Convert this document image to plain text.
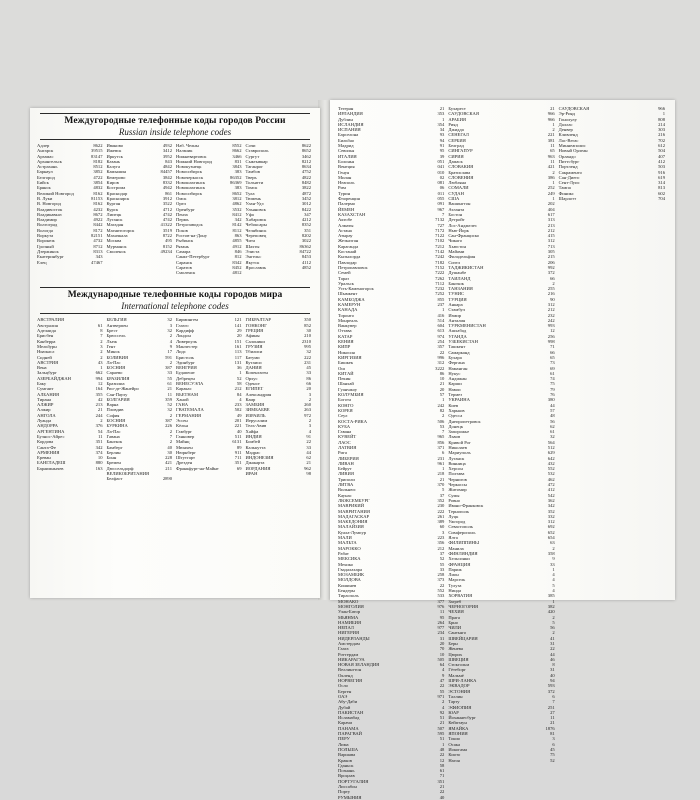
Междугородные телефонные коды городов России
Russian inside telephone codes
Адлер	8622
Ангарск	39515
Арзамас	83147
Архангельск	8182
Астрахань	8512
Барнаул	3852
Белгород	4722
Бийск	3854
Брянск	4832
Великий Новгород	8162
В. Луки	81153
В. Новгород	8162
Владивосток	4232
Владикавказ	8672
Владимир	4922
Волгоград	8442
Вологда	8172
Воркута	82151
Воронеж	4732
Грозный	8712
Дзержинск	8313
Екатеринбург	343
Елец	47467
Иваново	4932
Ижевск	3412
Иркутск	3952
Казань	843
Калуга	4842
Камышин	84457
Кемерово	3842
Киров	8332
Кострома	4942
Краснодар	861
Красноярск	3912
Курган	3522
Курск	4712
Липецк	4742
Луганск	4742
Магадан	41322
Магнитогорск	3519
Махачкала	8722
Москва	495
Мурманск	8152
Смоленск	49234
Наб. Челны	8552
Нальчик	8662
Нижневартовск	3466
Нижний Новгород	831
Новокузнецк	3843
Новосибирск	383
Новочеркасск	86352
Новошахтинск	86369
Новошахтинск	383
Новосибирск	8652
Омск	3812
Орел	4862
Оренбург	3532
Пенза	8412
Пермь	342
Петрозаводск	8142
Псков	8112
Ростов-на-Дону	863
Рыбинск	4855
Рязань	4912
Самара	846
Санкт-Петербург	812
Саранск	8342
Саратов	8452
Смоленск	4812
Сочи	8622
Ставрополь	8652
Сургут	3462
Сыктывкар	8212
Таганрог	8634
Тамбов	4752
Тверь	4822
Тольятти	8482
Томск	3822
Тула	4872
Тюмень	3452
Улан-Удэ	3012
Ульяновск	8422
Уфа	347
Хабаровск	4212
Чебоксары	8352
Челябинск	351
Череповец	8202
Чита	3022
Шахты	86362
Элиста	84722
Энгельс	8453
Якутск	4112
Ярославль	4852
Международные телефонные коды городов мира
International telephone codes
АВСТРАЛИЯ	
Австралия	61
Аделаида	8
Брисбен	7
Канберра	2
Мельбурн	3
Ньюкасл	2
Сидней	2
АВСТРИЯ	43
Вена	1
Зальцбург	662
АЗЕРБАЙДЖАН	994
Баку	12
Сумгаит	164
АЛБАНИЯ	355
Тирана	42
АЛЖИР	213
Алжир	21
АНГОЛА	244
Луанда	2
АНДОРРА	376
АРГЕНТИНА	54
Буэнос-Айрес	11
Кордова	351
Санта-Фе	342
АРМЕНИЯ	374
Ереван	10
БАНГЛАДЕШ	880
Бараимнычев	163
БЕЛЬГИЯ	32
Антверпен	3
Брест	32
Брюссель	2
Льеж	4
Гент	9
Минск	17
БОЛИВИЯ	591
Ла-Пас	2
БОСНИЯ	387
Сараево	33
БРАЗИЛИЯ	55
Бразилиа	61
Рио-де-Жанейро	21
Сан-Паулу	11
БОЛГАРИЯ	359
Варна	52
Пловдив	32
София	2
БОСНИЯ	387
БУРКИНА	226
Ла-Пас	2
Гавана	7
Бангкок	2
Бамберг	40
Берлин	30
Бонн	228
Бремен	421
Дюссельдорф	211
ВЕЛИКОБРИТАНИЯ	
Белфаст	2890
Бирмингем	121
Глазго	141
Кардифф	29
Лондон	20
Ливерпуль	151
Манчестер	161
Лидс	113
Бристоль	117
Эдинбург	131
ВЕНГРИЯ	36
Будапешт	1
Дебрецен	52
ВЕНЕСУЭЛА	58
Каракас	212
ВЬЕТНАМ	84
Ханой	4
ГАНА	233
ГВАТЕМАЛА	502
ГЕРМАНИЯ	49
Эссен	201
Кёльн	221
Гамбург	40
Ганновер	511
Майнц	6131
Мюнхен	89
Нюрнберг	911
Штутгарт	711
Дрезден	351
Франкфурт-на-Майне	69
ГИБРАЛТАР	350
ГОНКОНГ	852
ГРЕЦИЯ	30
Афины	210
Салоники	2310
ГРУЗИЯ	995
Тбилиси	32
Батуми	222
Кутаиси	231
ДАНИЯ	45
Копенгаген	33
Орхус	86
Оденсе	66
ЕГИПЕТ	20
Александрия	3
Каир	2
ЗАМБИЯ	260
ЗИМБАБВЕ	263
ИЗРАИЛЬ	972
Иерусалим	2
Тель-Авив	3
Хайфа	4
ИНДИЯ	91
Бомбей	22
Калькутта	33
Мадрас	44
ИНДОНЕЗИЯ	62
Джакарта	21
ИОРДАНИЯ	962
ИРАН	98
Тегеран	21
ИРЛАНДИЯ	353
Дублин	1
ИСЛАНДИЯ	354
ИСПАНИЯ	34
Барселона	93
Бильбао	94
Мадрид	91
Севилья	95
ИТАЛИЯ	39
Болонья	051
Венеция	041
Генуя	010
Милан	02
Неаполь	081
Рим	06
Турин	011
Флоренция	055
Палермо	091
ЙЕМЕН	967
КАЗАХСТАН	7
Актобе	7132
Алматы	727
Астана	7172
Атырау	7122
Жезказган	7102
Караганда	7212
Костанай	7142
Кызылорда	7242
Павлодар	7182
Петропавловск	7152
Семей	7222
Тараз	7262
Уральск	7112
Усть-Каменогорск	7232
Шымкент	7252
КАМБОДЖА	855
КАМЕРУН	237
КАНАДА	1
Торонто	416
Монреаль	514
Ванкувер	604
Оттава	613
КАТАР	974
КЕНИЯ	254
КИПР	357
Никосия	22
КИРГИЗИЯ	996
Бишкек	312
Ош	3222
КИТАЙ	86
Пекин	10
Шанхай	21
Гуанчжоу	20
КОЛУМБИЯ	57
Богота	1
КОНГО	242
КОРЕЯ	82
Сеул	2
КОСТА-РИКА	506
КУБА	53
Гавана	7
КУВЕЙТ	965
ЛАОС	856
ЛАТВИЯ	371
Рига	6
ЛИБЕРИЯ	231
ЛИВАН	961
Бейрут	1
ЛИВИЯ	218
Триполи	21
ЛИТВА	370
Вильнюс	5
Каунас	37
ЛЮКСЕМБУРГ	352
МАВРИКИЙ	230
МАВРИТАНИЯ	222
МАДАГАСКАР	261
МАКЕДОНИЯ	389
МАЛАЙЗИЯ	60
Куала-Лумпур	3
МАЛИ	223
МАЛЬТА	356
МАРОККО	212
Рабат	37
МЕКСИКА	52
Мехико	55
Гвадалахара	33
МОЗАМБИК	258
МОЛДОВА	373
Кишинев	22
Бендеры	552
Тирасполь	533
МОНАКО	377
МОНГОЛИЯ	976
Улан-Батор	11
МЬЯНМА	95
НАМИБИЯ	264
НЕПАЛ	977
НИГЕРИЯ	234
НИДЕРЛАНДЫ	31
Амстердам	20
Гаага	70
Роттердам	10
НИКАРАГУА	505
НОВАЯ ЗЕЛАНДИЯ	64
Веллингтон	4
Окленд	9
НОРВЕГИЯ	47
Осло	22
Берген	55
ОАЭ	971
Абу-Даби	2
Дубай	4
ПАКИСТАН	92
Исламабад	51
Карачи	21
ПАНАМА	507
ПАРАГВАЙ	595
ПЕРУ	51
Лима	1
ПОЛЬША	48
Варшава	22
Краков	12
Гданьск	58
Познань	61
Вроцлав	71
ПОРТУГАЛИЯ	351
Лиссабон	21
Порту	22
РУМЫНИЯ	40
Бухарест	21
САУДОВСКАЯ	966
АРАБИЯ	966
Рияд	1
Джидда	2
СЕНЕГАЛ	221
СЕРБИЯ	381
Белград	11
СИНГАПУР	65
СИРИЯ	963
Дамаск	11
СЛОВАКИЯ	421
Братислава	2
СЛОВЕНИЯ	386
Любляна	1
СОМАЛИ	252
СУДАН	249
США	1
Вашингтон	202
Атланта	404
Бостон	617
Детройт	313
Лос-Анджелес	213
Нью-Йорк	212
Сан-Франциско	415
Чикаго	312
Хьюстон	713
Майами	305
Филадельфия	215
Сиэтл	206
ТАДЖИКИСТАН	992
Душанбе	372
ТАИЛАНД	66
Бангкок	2
ТАНЗАНИЯ	255
ТУНИС	216
ТУРЦИЯ	90
Анкара	312
Стамбул	212
Измир	232
Анталия	242
ТУРКМЕНИСТАН	993
Ашхабад	12
УГАНДА	256
УЗБЕКИСТАН	998
Ташкент	71
Самарканд	66
Бухара	65
Фергана	73
Наманган	69
Нукус	61
Андижан	74
Карши	75
Навои	79
Термез	76
УКРАИНА	380
Киев	44
Харьков	57
Одесса	48
Днепропетровск	56
Донецк	62
Запорожье	61
Львов	32
Кривой Рог	564
Николаев	512
Мариуполь	629
Луганск	642
Винница	432
Херсон	552
Полтава	532
Чернигов	462
Черкассы	472
Житомир	412
Сумы	542
Ровно	362
Ивано-Франковск	342
Тернополь	352
Луцк	332
Ужгород	312
Севастополь	692
Симферополь	652
Ялта	654
ФИЛИППИНЫ	63
Манила	2
ФИНЛЯНДИЯ	358
Хельсинки	9
ФРАНЦИЯ	33
Париж	1
Лион	4
Марсель	4
Тулуза	5
Ницца	4
ХОРВАТИЯ	385
Загреб	1
ЧЕРНОГОРИЯ	382
ЧЕХИЯ	420
Прага	2
Брно	5
ЧИЛИ	56
Сантьяго	2
ШВЕЙЦАРИЯ	41
Берн	31
Женева	22
Цюрих	44
ШВЕЦИЯ	46
Стокгольм	8
Гётеборг	31
Мальмё	40
ШРИ-ЛАНКА	94
ЭКВАДОР	593
ЭСТОНИЯ	372
Таллин	6
Тарту	7
ЭФИОПИЯ	251
ЮАР	27
Йоханнесбург	11
Кейптаун	21
ЯМАЙКА	1876
ЯПОНИЯ	81
Токио	3
Осака	6
Иокогама	45
Киото	75
Нагоя	52
САУДОВСКАЯ	966
Эр-Рияд	1
Гонолулу	808
Даллас	214
Денвер	303
Кливленд	216
Лас-Вегас	702
Миннеаполис	612
Новый Орлеан	504
Орландо	407
Питтсбург	412
Портленд	503
Сакраменто	916
Сан-Диего	619
Сент-Луис	314
Тампа	813
Финикс	602
Шарлотт	704
